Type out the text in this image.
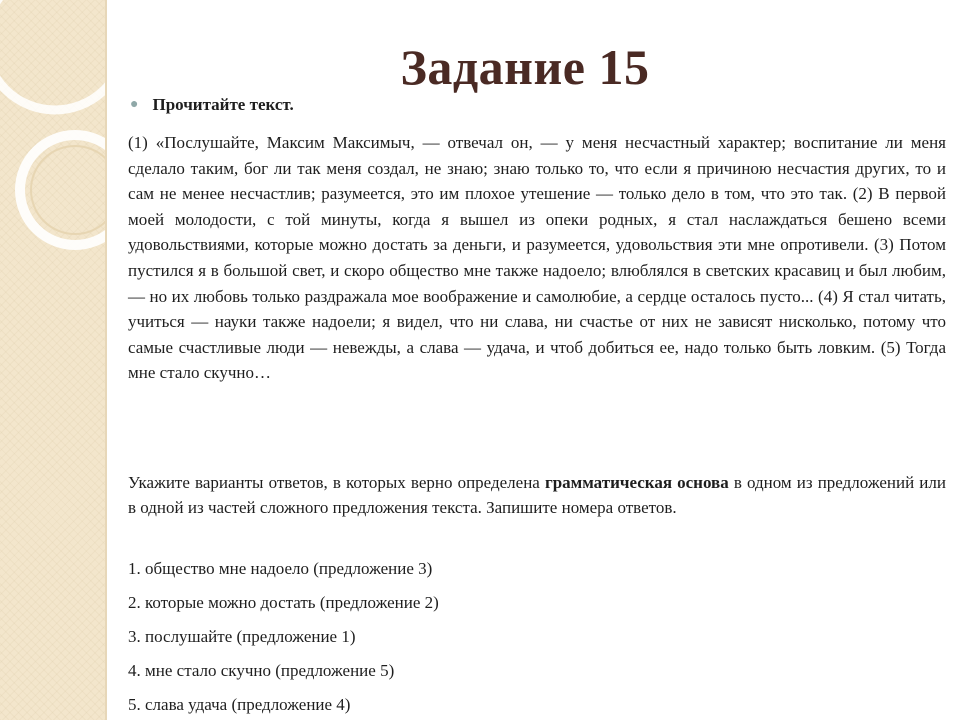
Задание 15
● Прочитайте текст.
(1) «Послушайте, Максим Максимыч, — отвечал он, — у меня несчастный характер; воспитание ли меня сделало таким, бог ли так меня создал, не знаю; знаю только то, что если я причиною несчастия других, то и сам не менее несчастлив; разумеется, это им плохое утешение — только дело в том, что это так. (2) В первой моей молодости, с той минуты, когда я вышел из опеки родных, я стал наслаждаться бешено всеми удовольствиями, которые можно достать за деньги, и разумеется, удовольствия эти мне опротивели. (3) Потом пустился я в большой свет, и скоро общество мне также надоело; влюблялся в светских красавиц и был любим, — но их любовь только раздражала мое воображение и самолюбие, а сердце осталось пусто... (4) Я стал читать, учиться — науки также надоели; я видел, что ни слава, ни счастье от них не зависят нисколько, потому что самые счастливые люди — невежды, а слава — удача, и чтоб добиться ее, надо только быть ловким. (5) Тогда мне стало скучно…
Укажите варианты ответов, в которых верно определена грамматическая основа в одном из предложений или в одной из частей сложного предложения текста. Запишите номера ответов.
1. общество мне надоело (предложение 3)
2. которые можно достать (предложение 2)
3. послушайте (предложение 1)
4. мне стало скучно (предложение 5)
5. слава удача (предложение 4)
